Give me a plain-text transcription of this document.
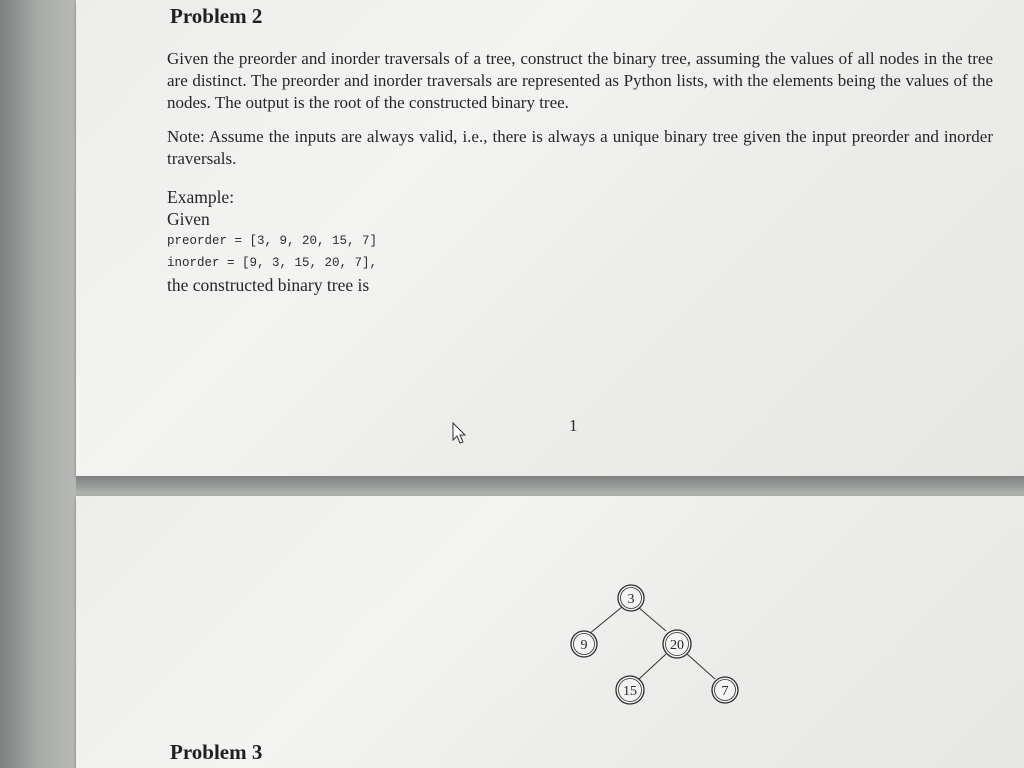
Problem 2
Given the preorder and inorder traversals of a tree, construct the binary tree, assuming the values of all nodes in the tree are distinct. The preorder and inorder traversals are represented as Python lists, with the elements being the values of the nodes. The output is the root of the constructed binary tree.
Note: Assume the inputs are always valid, i.e., there is always a unique binary tree given the input preorder and inorder traversals.
Example:
Given
preorder = [3, 9, 20, 15, 7]
inorder = [9, 3, 15, 20, 7],
the constructed binary tree is
1
3
9	20
15	7
Problem 3
